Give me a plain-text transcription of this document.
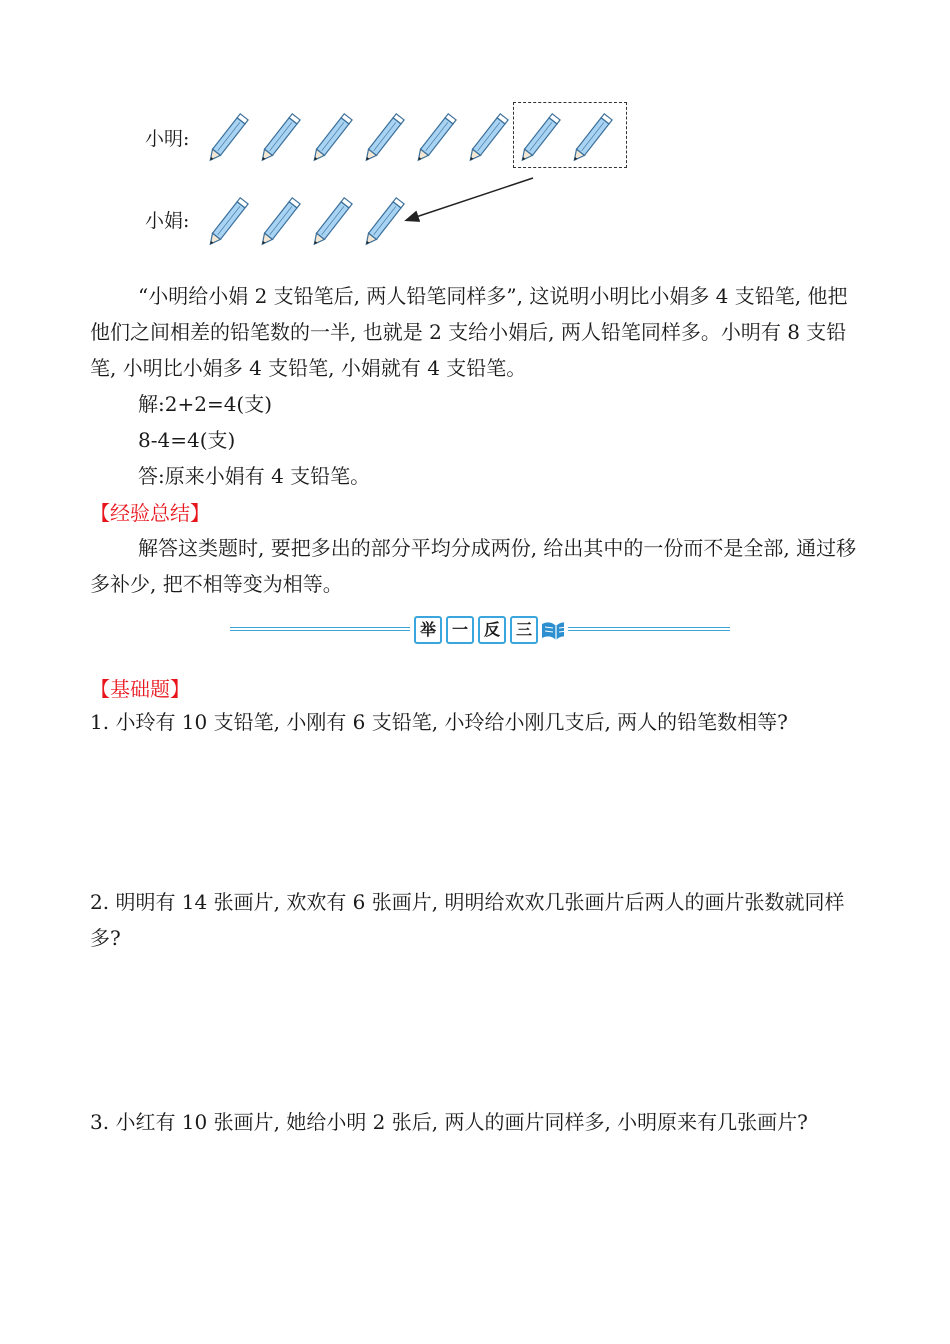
小明:
小娟:
“小明给小娟 2 支铅笔后, 两人铅笔同样多”, 这说明小明比小娟多 4 支铅笔, 他把他们之间相差的铅笔数的一半, 也就是 2 支给小娟后, 两人铅笔同样多。小明有 8 支铅笔, 小明比小娟多 4 支铅笔, 小娟就有 4 支铅笔。
解:2+2=4(支)
8-4=4(支)
答:原来小娟有 4 支铅笔。
【经验总结】
解答这类题时, 要把多出的部分平均分成两份, 给出其中的一份而不是全部, 通过移多补少, 把不相等变为相等。
举 一 反 三
【基础题】
1. 小玲有 10 支铅笔, 小刚有 6 支铅笔, 小玲给小刚几支后, 两人的铅笔数相等?
2. 明明有 14 张画片, 欢欢有 6 张画片, 明明给欢欢几张画片后两人的画片张数就同样多?
3. 小红有 10 张画片, 她给小明 2 张后, 两人的画片同样多, 小明原来有几张画片?
